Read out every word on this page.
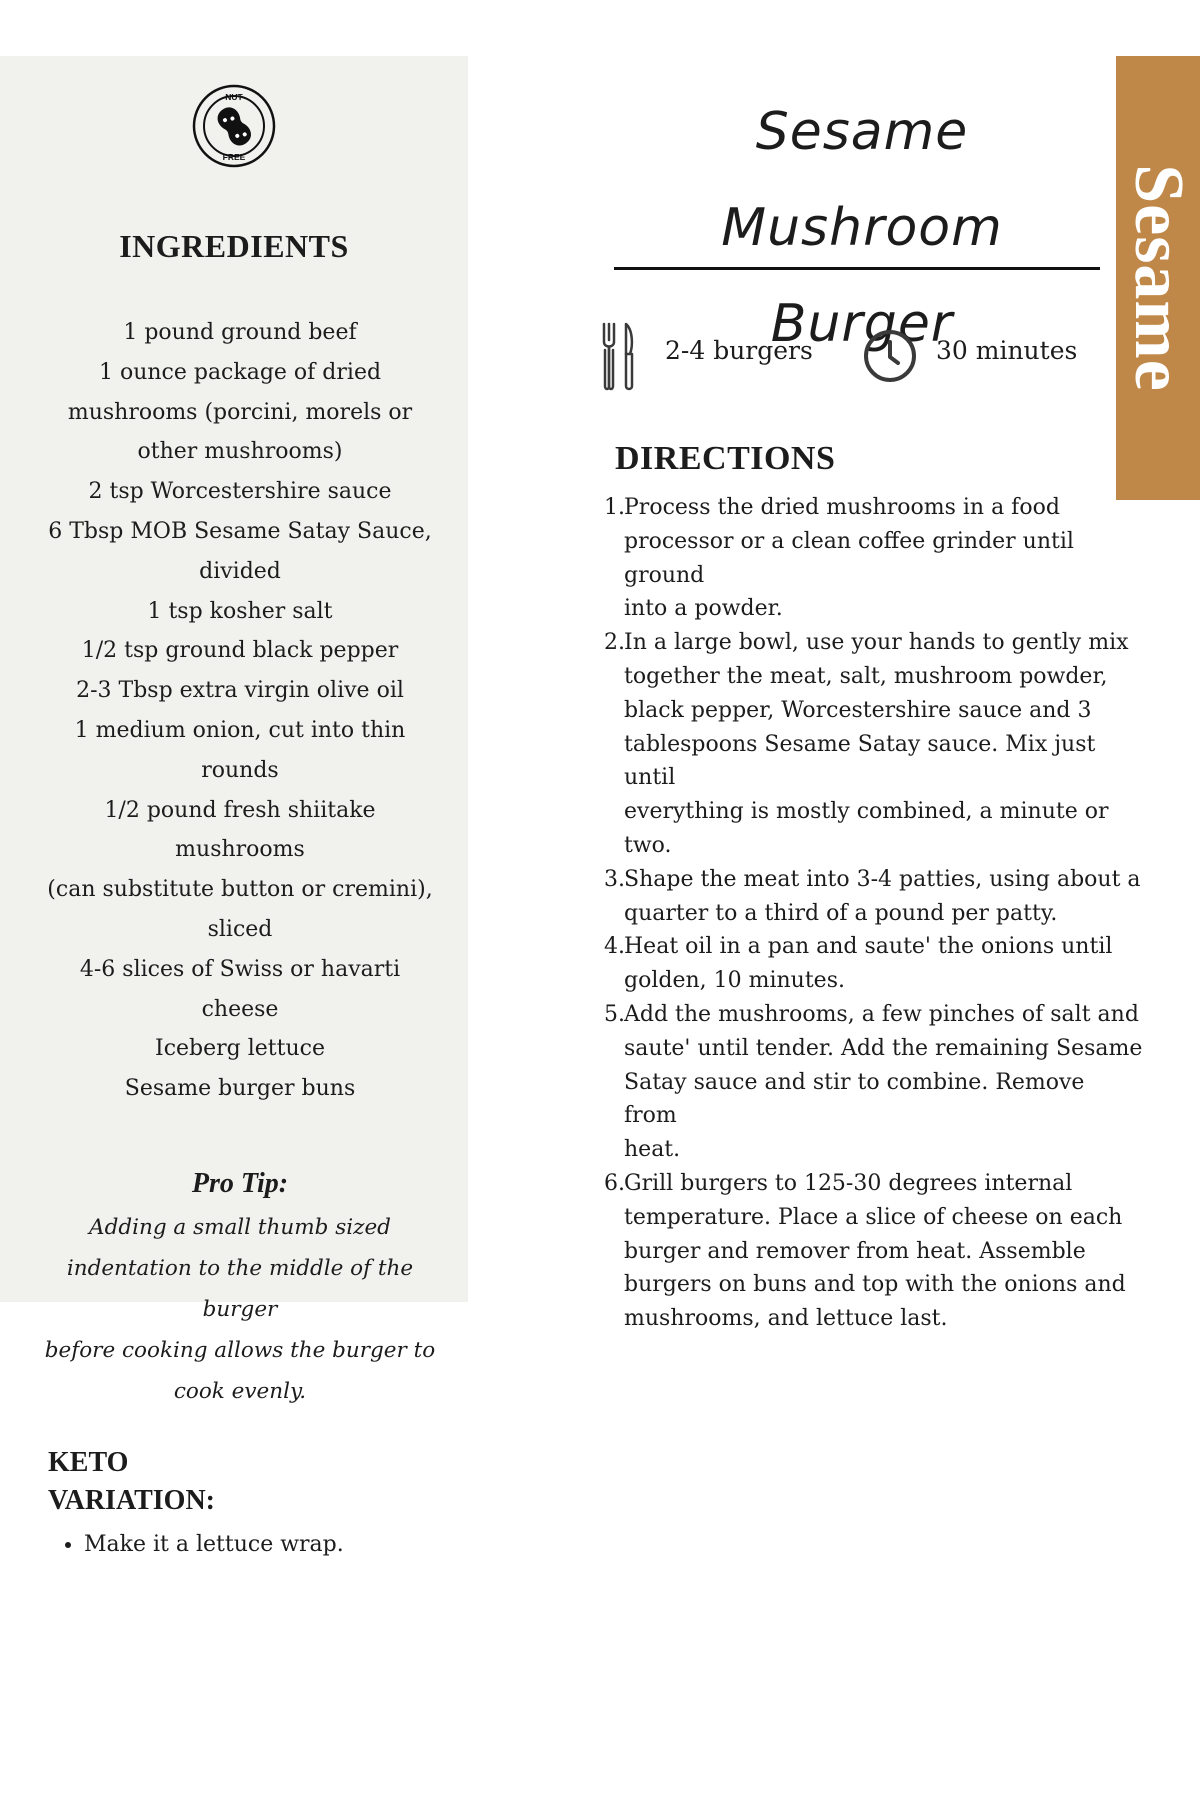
NUT
FREE
INGREDIENTS
1 pound ground beef
1 ounce package of dried
mushrooms (porcini, morels or
other mushrooms)
2 tsp Worcestershire sauce
6 Tbsp MOB Sesame Satay Sauce,
divided
1 tsp kosher salt
1/2 tsp ground black pepper
2-3 Tbsp extra virgin olive oil
1 medium onion, cut into thin
rounds
1/2 pound fresh shiitake mushrooms
(can substitute button or cremini),
sliced
4-6 slices of Swiss or havarti cheese
Iceberg lettuce
Sesame burger buns
Pro Tip:
Adding a small thumb sized
indentation to the middle of the burger
before cooking allows the burger to
cook evenly.
KETO
VARIATION:
• Make it a lettuce wrap.
Sesame Mushroom
Burger
2-4 burgers	30 minutes
DIRECTIONS
1. Process the dried mushrooms in a food
processor or a clean coffee grinder until ground
into a powder.
2. In a large bowl, use your hands to gently mix
together the meat, salt, mushroom powder,
black pepper, Worcestershire sauce and 3
tablespoons Sesame Satay sauce. Mix just until
everything is mostly combined, a minute or two.
3. Shape the meat into 3-4 patties, using about a
quarter to a third of a pound per patty.
4. Heat oil in a pan and saute' the onions until
golden, 10 minutes.
5. Add the mushrooms, a few pinches of salt and
saute' until tender. Add the remaining Sesame
Satay sauce and stir to combine. Remove from
heat.
6. Grill burgers to 125-30 degrees internal
temperature. Place a slice of cheese on each
burger and remover from heat. Assemble
burgers on buns and top with the onions and
mushrooms, and lettuce last.
Sesame
